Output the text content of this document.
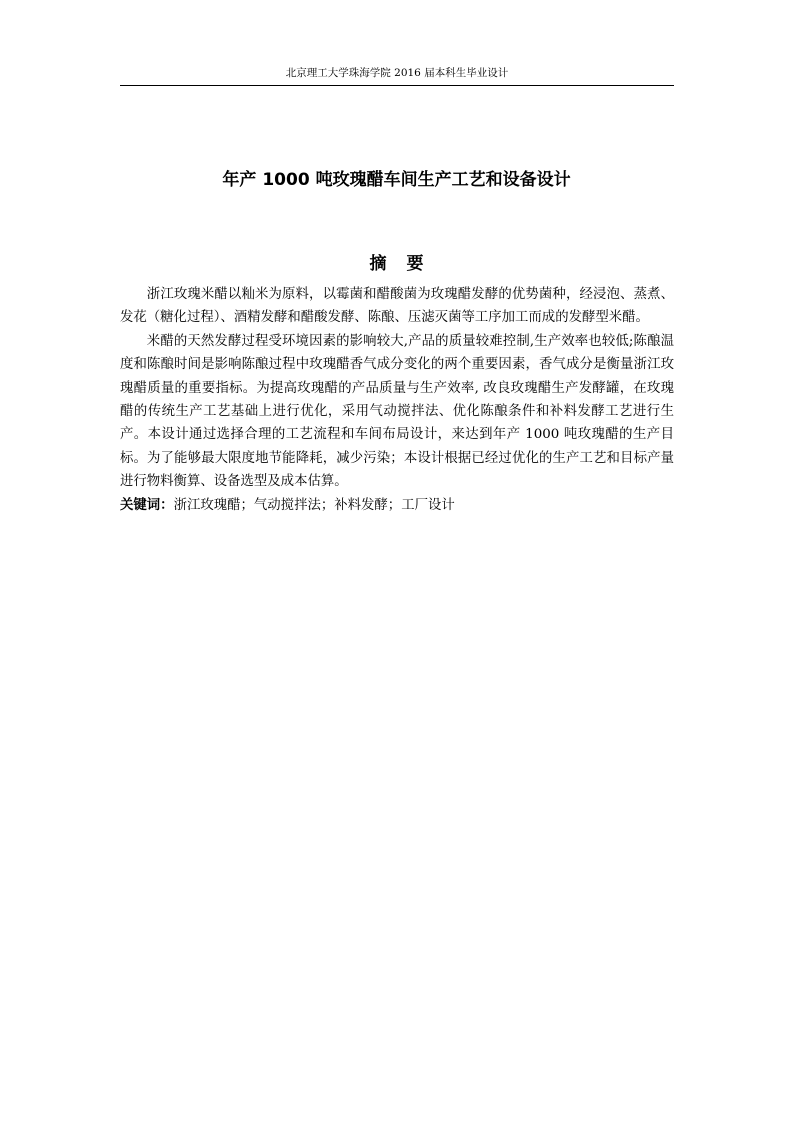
北京理工大学珠海学院 2016 届本科生毕业设计
年产 1000 吨玫瑰醋车间生产工艺和设备设计
摘要

浙江玫瑰米醋以籼米为原料，以霉菌和醋酸菌为玫瑰醋发酵的优势菌种，经浸泡、蒸煮、发花（糖化过程）、酒精发酵和醋酸发酵、陈酿、压滤灭菌等工序加工而成的发酵型米醋。

米醋的天然发酵过程受环境因素的影响较大,产品的质量较难控制,生产效率也较低;陈酿温度和陈酿时间是影响陈酿过程中玫瑰醋香气成分变化的两个重要因素，香气成分是衡量浙江玫瑰醋质量的重要指标。为提高玫瑰醋的产品质量与生产效率, 改良玫瑰醋生产发酵罐，在玫瑰醋的传统生产工艺基础上进行优化，采用气动搅拌法、优化陈酿条件和补料发酵工艺进行生产。本设计通过选择合理的工艺流程和车间布局设计，来达到年产 1000 吨玫瑰醋的生产目标。为了能够最大限度地节能降耗，减少污染；本设计根据已经过优化的生产工艺和目标产量进行物料衡算、设备选型及成本估算。

关键词：浙江玫瑰醋；气动搅拌法；补料发酵；工厂设计
